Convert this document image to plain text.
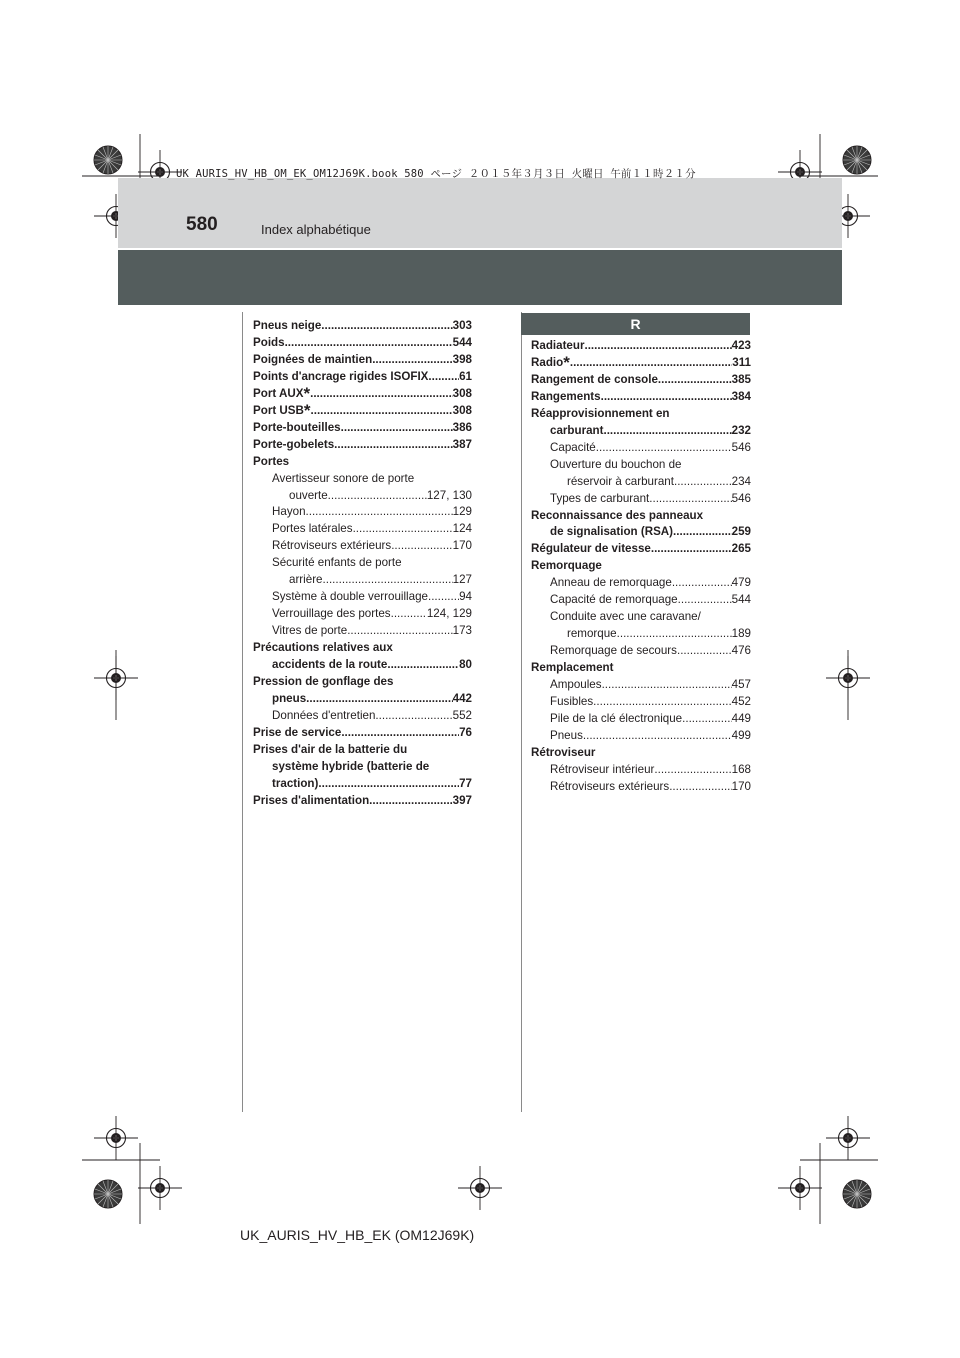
UK AURIS_HV_HB_OM_EK_OM12J69K.book 580 ページ ２０１５年３月３日 火曜日 午前１１時２１分
580	Index alphabétique
R
Pneus neige .....	303
Poids .....	544
Poignées de maintien .....	398
Points d'ancrage rigides ISOFIX .....	61
Port AUX* .....	308
Port USB* .....	308
Porte-bouteilles .....	386
Porte-gobelets .....	387
Portes
Avertisseur sonore de porte
ouverte .....	127, 130
Hayon .....	129
Portes latérales .....	124
Rétroviseurs extérieurs .....	170
Sécurité enfants de porte
arrière .....	127
Système à double verrouillage .....	94
Verrouillage des portes .....	124, 129
Vitres de porte .....	173
Précautions relatives aux
accidents de la route .....	80
Pression de gonflage des
pneus .....	442
Données d'entretien .....	552
Prise de service .....	76
Prises d'air de la batterie du
système hybride (batterie de
traction) .....	77
Prises d'alimentation .....	397
Radiateur .....	423
Radio* .....	311
Rangement de console .....	385
Rangements .....	384
Réapprovisionnement en
carburant .....	232
Capacité .....	546
Ouverture du bouchon de
réservoir à carburant .....	234
Types de carburant .....	546
Reconnaissance des panneaux
de signalisation (RSA) .....	259
Régulateur de vitesse .....	265
Remorquage
Anneau de remorquage .....	479
Capacité de remorquage .....	544
Conduite avec une caravane/
remorque .....	189
Remorquage de secours .....	476
Remplacement
Ampoules .....	457
Fusibles .....	452
Pile de la clé électronique .....	449
Pneus .....	499
Rétroviseur
Rétroviseur intérieur .....	168
Rétroviseurs extérieurs .....	170
UK_AURIS_HV_HB_EK (OM12J69K)
